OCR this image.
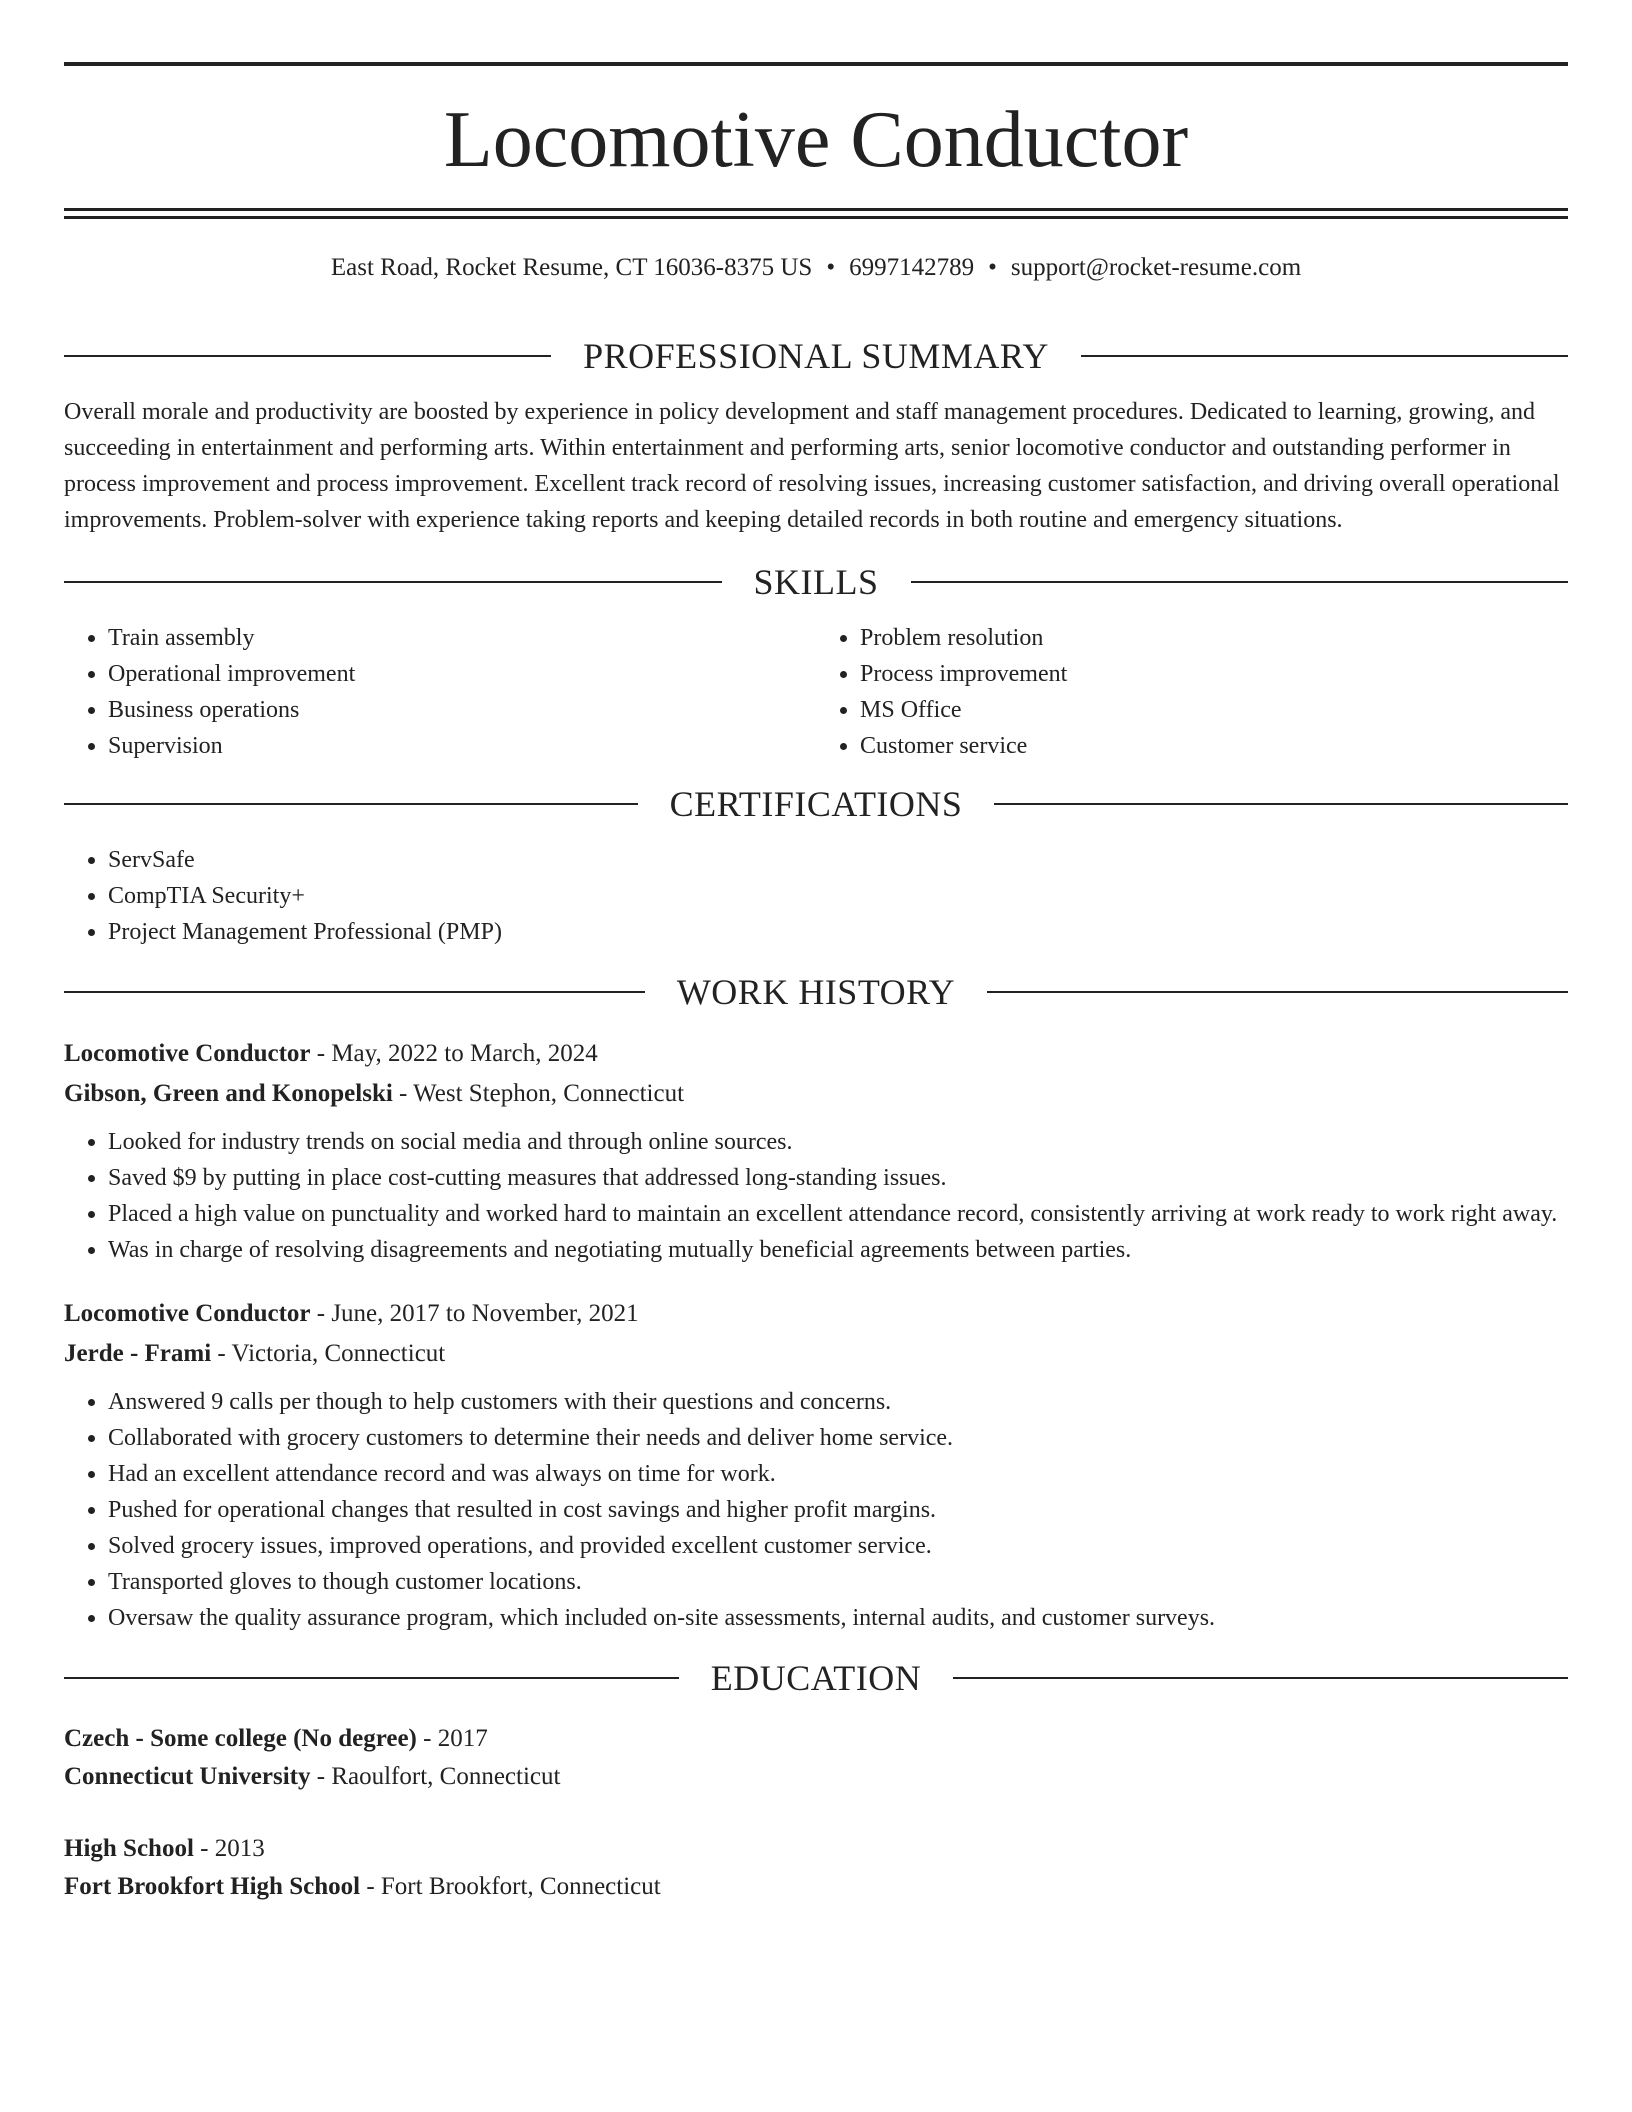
Locomotive Conductor
East Road, Rocket Resume, CT 16036-8375 US • 6997142789 • support@rocket-resume.com
PROFESSIONAL SUMMARY

Overall morale and productivity are boosted by experience in policy development and staff management procedures. Dedicated to learning, growing, and succeeding in entertainment and performing arts. Within entertainment and performing arts, senior locomotive conductor and outstanding performer in process improvement and process improvement. Excellent track record of resolving issues, increasing customer satisfaction, and driving overall operational improvements. Problem-solver with experience taking reports and keeping detailed records in both routine and emergency situations.

SKILLS
• Train assembly
• Operational improvement
• Business operations
• Supervision
• Problem resolution
• Process improvement
• MS Office
• Customer service
CERTIFICATIONS
• ServSafe
• CompTIA Security+
• Project Management Professional (PMP)
WORK HISTORY
Locomotive Conductor - May, 2022 to March, 2024
Gibson, Green and Konopelski - West Stephon, Connecticut
• Looked for industry trends on social media and through online sources.
• Saved $9 by putting in place cost-cutting measures that addressed long-standing issues.
• Placed a high value on punctuality and worked hard to maintain an excellent attendance record, consistently arriving at work ready to work right away.
• Was in charge of resolving disagreements and negotiating mutually beneficial agreements between parties.
Locomotive Conductor - June, 2017 to November, 2021
Jerde - Frami - Victoria, Connecticut
• Answered 9 calls per though to help customers with their questions and concerns.
• Collaborated with grocery customers to determine their needs and deliver home service.
• Had an excellent attendance record and was always on time for work.
• Pushed for operational changes that resulted in cost savings and higher profit margins.
• Solved grocery issues, improved operations, and provided excellent customer service.
• Transported gloves to though customer locations.
• Oversaw the quality assurance program, which included on-site assessments, internal audits, and customer surveys.
EDUCATION
Czech - Some college (No degree) - 2017
Connecticut University - Raoulfort, Connecticut
High School - 2013
Fort Brookfort High School - Fort Brookfort, Connecticut
